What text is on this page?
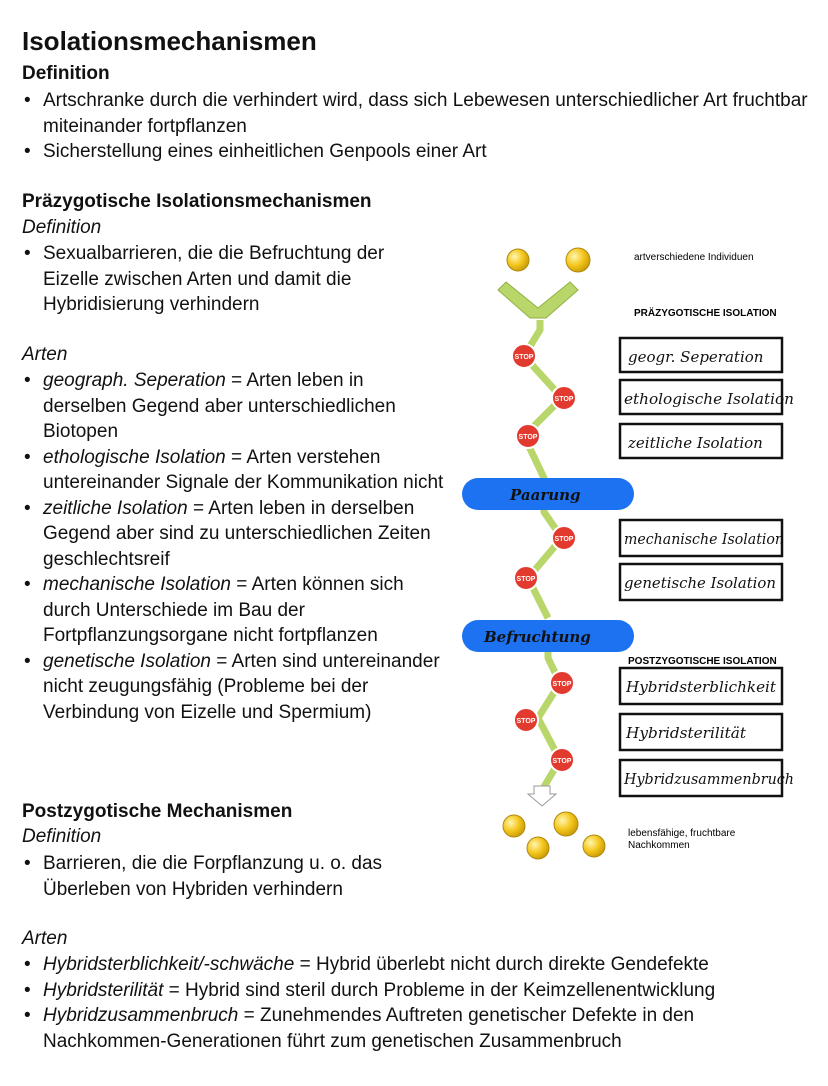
Isolationsmechanismen
Definition
• Artschranke durch die verhindert wird, dass sich Lebewesen unterschiedlicher Art fruchtbar miteinander fortpflanzen
• Sicherstellung eines einheitlichen Genpools einer Art
Präzygotische Isolationsmechanismen
Definition
• Sexualbarrieren, die die Befruchtung der Eizelle zwischen Arten und damit die Hybridisierung verhindern
Arten
• geograph. Seperation = Arten leben in derselben Gegend aber unterschiedlichen Biotopen
• ethologische Isolation = Arten verstehen untereinander Signale der Kommunikation nicht
• zeitliche Isolation = Arten leben in derselben Gegend aber sind zu unterschiedlichen Zeiten geschlechtsreif
• mechanische Isolation = Arten können sich durch Unterschiede im Bau der Fortpflanzungsorgane nicht fortpflanzen
• genetische Isolation = Arten sind untereinander nicht zeugungsfähig (Probleme bei der Verbindung von Eizelle und Spermium)
Postzygotische Mechanismen
Definition
• Barrieren, die die Forpflanzung u. o. das Überleben von Hybriden verhindern
Arten
• Hybridsterblichkeit/-schwäche = Hybrid überlebt nicht durch direkte Gendefekte
• Hybridsterilität = Hybrid sind steril durch Probleme in der Keimzellenentwicklung
• Hybridzusammenbruch = Zunehmendes Auftreten genetischer Defekte in den Nachkommen-Generationen führt zum genetischen Zusammenbruch
artverschiedene Individuen
PRÄZYGOTISCHE ISOLATION
STOP
STOP
STOP
STOP
STOP
STOP
STOP
STOP
Paarung
Befruchtung
geogr. Seperation
ethologische Isolation
zeitliche Isolation
mechanische Isolation
genetische Isolation
POSTZYGOTISCHE ISOLATION
Hybridsterblichkeit
Hybridsterilität
Hybridzusammenbruch
lebensfähige, fruchtbare
Nachkommen
